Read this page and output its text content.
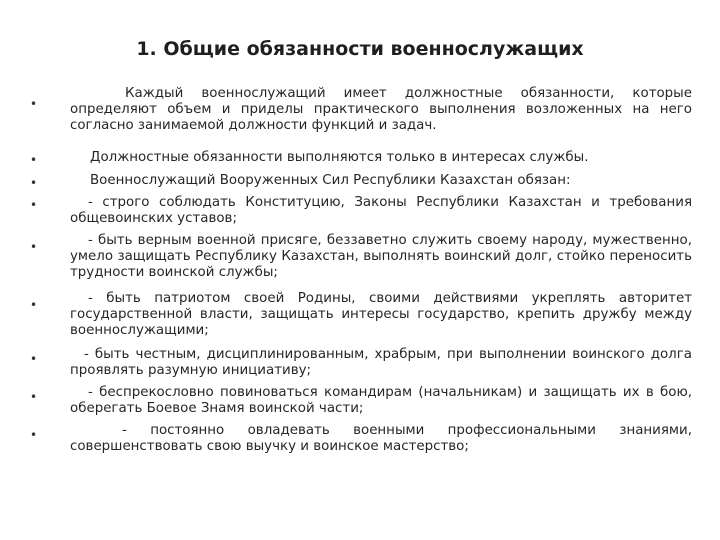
1. Общие обязанности военнослужащих
•
Каждый военнослужащий имеет должностные обязанности, которые определяют объем и приделы практического выполнения возложенных на него согласно занимаемой должности функций и задач.
•	Должностные обязанности выполняются только в интересах службы.
•	Военнослужащий Вооруженных Сил Республики Казахстан обязан:
•	- строго соблюдать Конституцию, Законы Республики Казахстан и требования общевоинских уставов;
•	- быть верным военной присяге, беззаветно служить своему народу, мужественно, умело защищать Республику Казахстан, выполнять воинский долг, стойко переносить трудности воинской службы;
•	- быть патриотом своей Родины, своими действиями укреплять авторитет государственной власти, защищать интересы государство, крепить дружбу между военнослужащими;
•	- быть честным, дисциплинированным, храбрым, при выполнении воинского долга проявлять разумную инициативу;
•	- беспрекословно повиноваться командирам (начальникам) и защищать их в бою, оберегать Боевое Знамя воинской части;
•	- постоянно овладевать военными профессиональными знаниями, совершенствовать свою выучку и воинское мастерство;
